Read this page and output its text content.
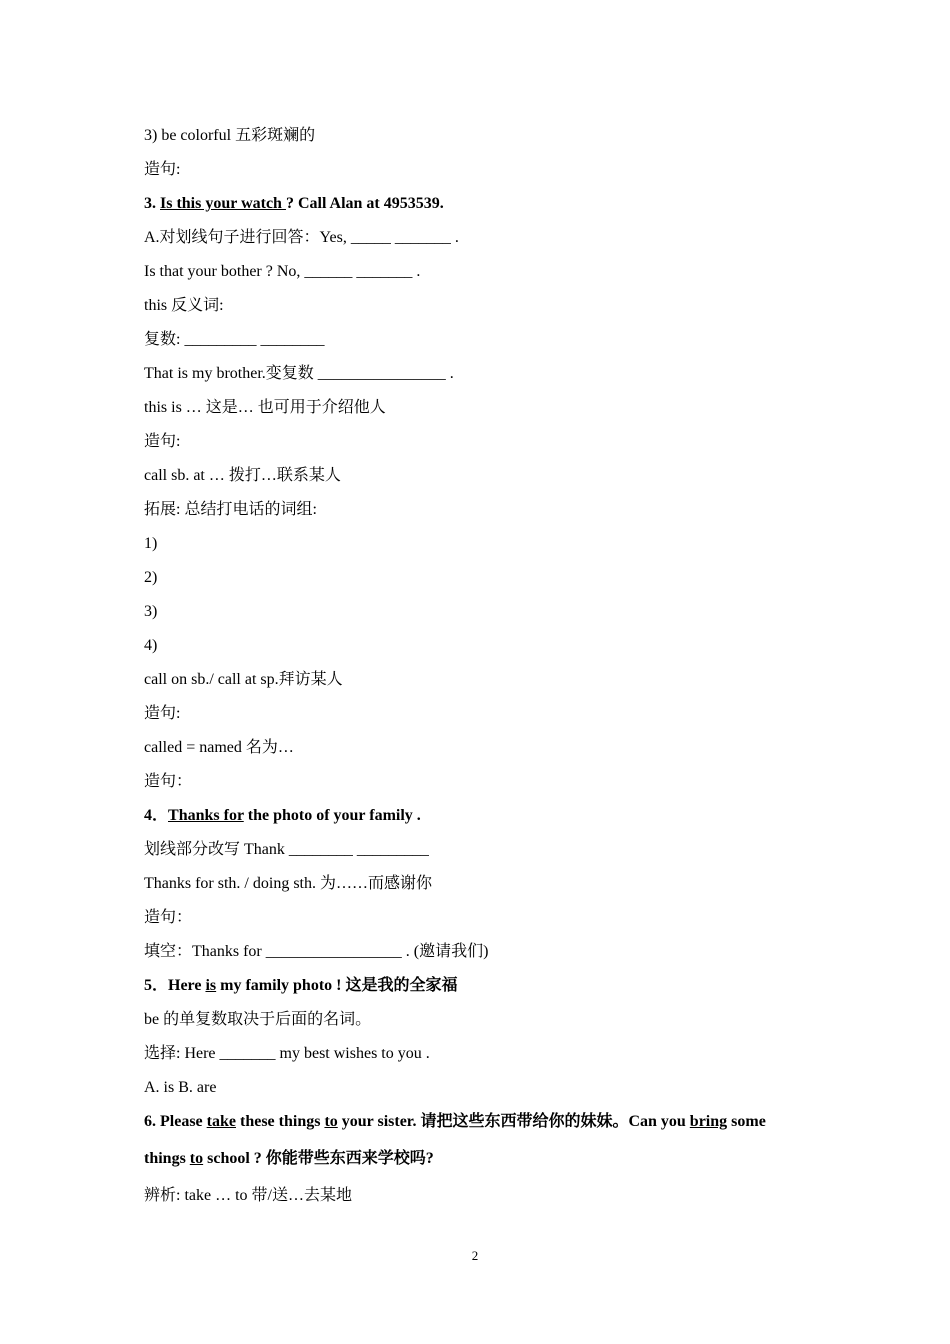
3) be colorful 五彩斑斓的
造句:
3. Is this your watch ? Call Alan at 4953539.
A.对划线句子进行回答：Yes, _____ _______ .
Is that your bother ? No, ______ _______ .
this 反义词:
复数: _________ ________
That is my brother.变复数 ________________ .
this is … 这是… 也可用于介绍他人
造句:
call sb. at … 拨打…联系某人
拓展: 总结打电话的词组:
1)
2)
3)
4)
call on sb./ call at sp.拜访某人
造句:
called = named 名为…
造句：
4．Thanks for the photo of your family .
划线部分改写 Thank ________ _________
Thanks for sth. / doing sth. 为……而感谢你
造句：
填空：Thanks for _________________ . (邀请我们)
5．Here is my family photo ! 这是我的全家福
be 的单复数取决于后面的名词。
选择: Here _______ my best wishes to you .
A. is B. are
6. Please take these things to your sister. 请把这些东西带给你的妹妹。Can you bring some
things to school ? 你能带些东西来学校吗?
辨析: take … to 带/送…去某地
2
